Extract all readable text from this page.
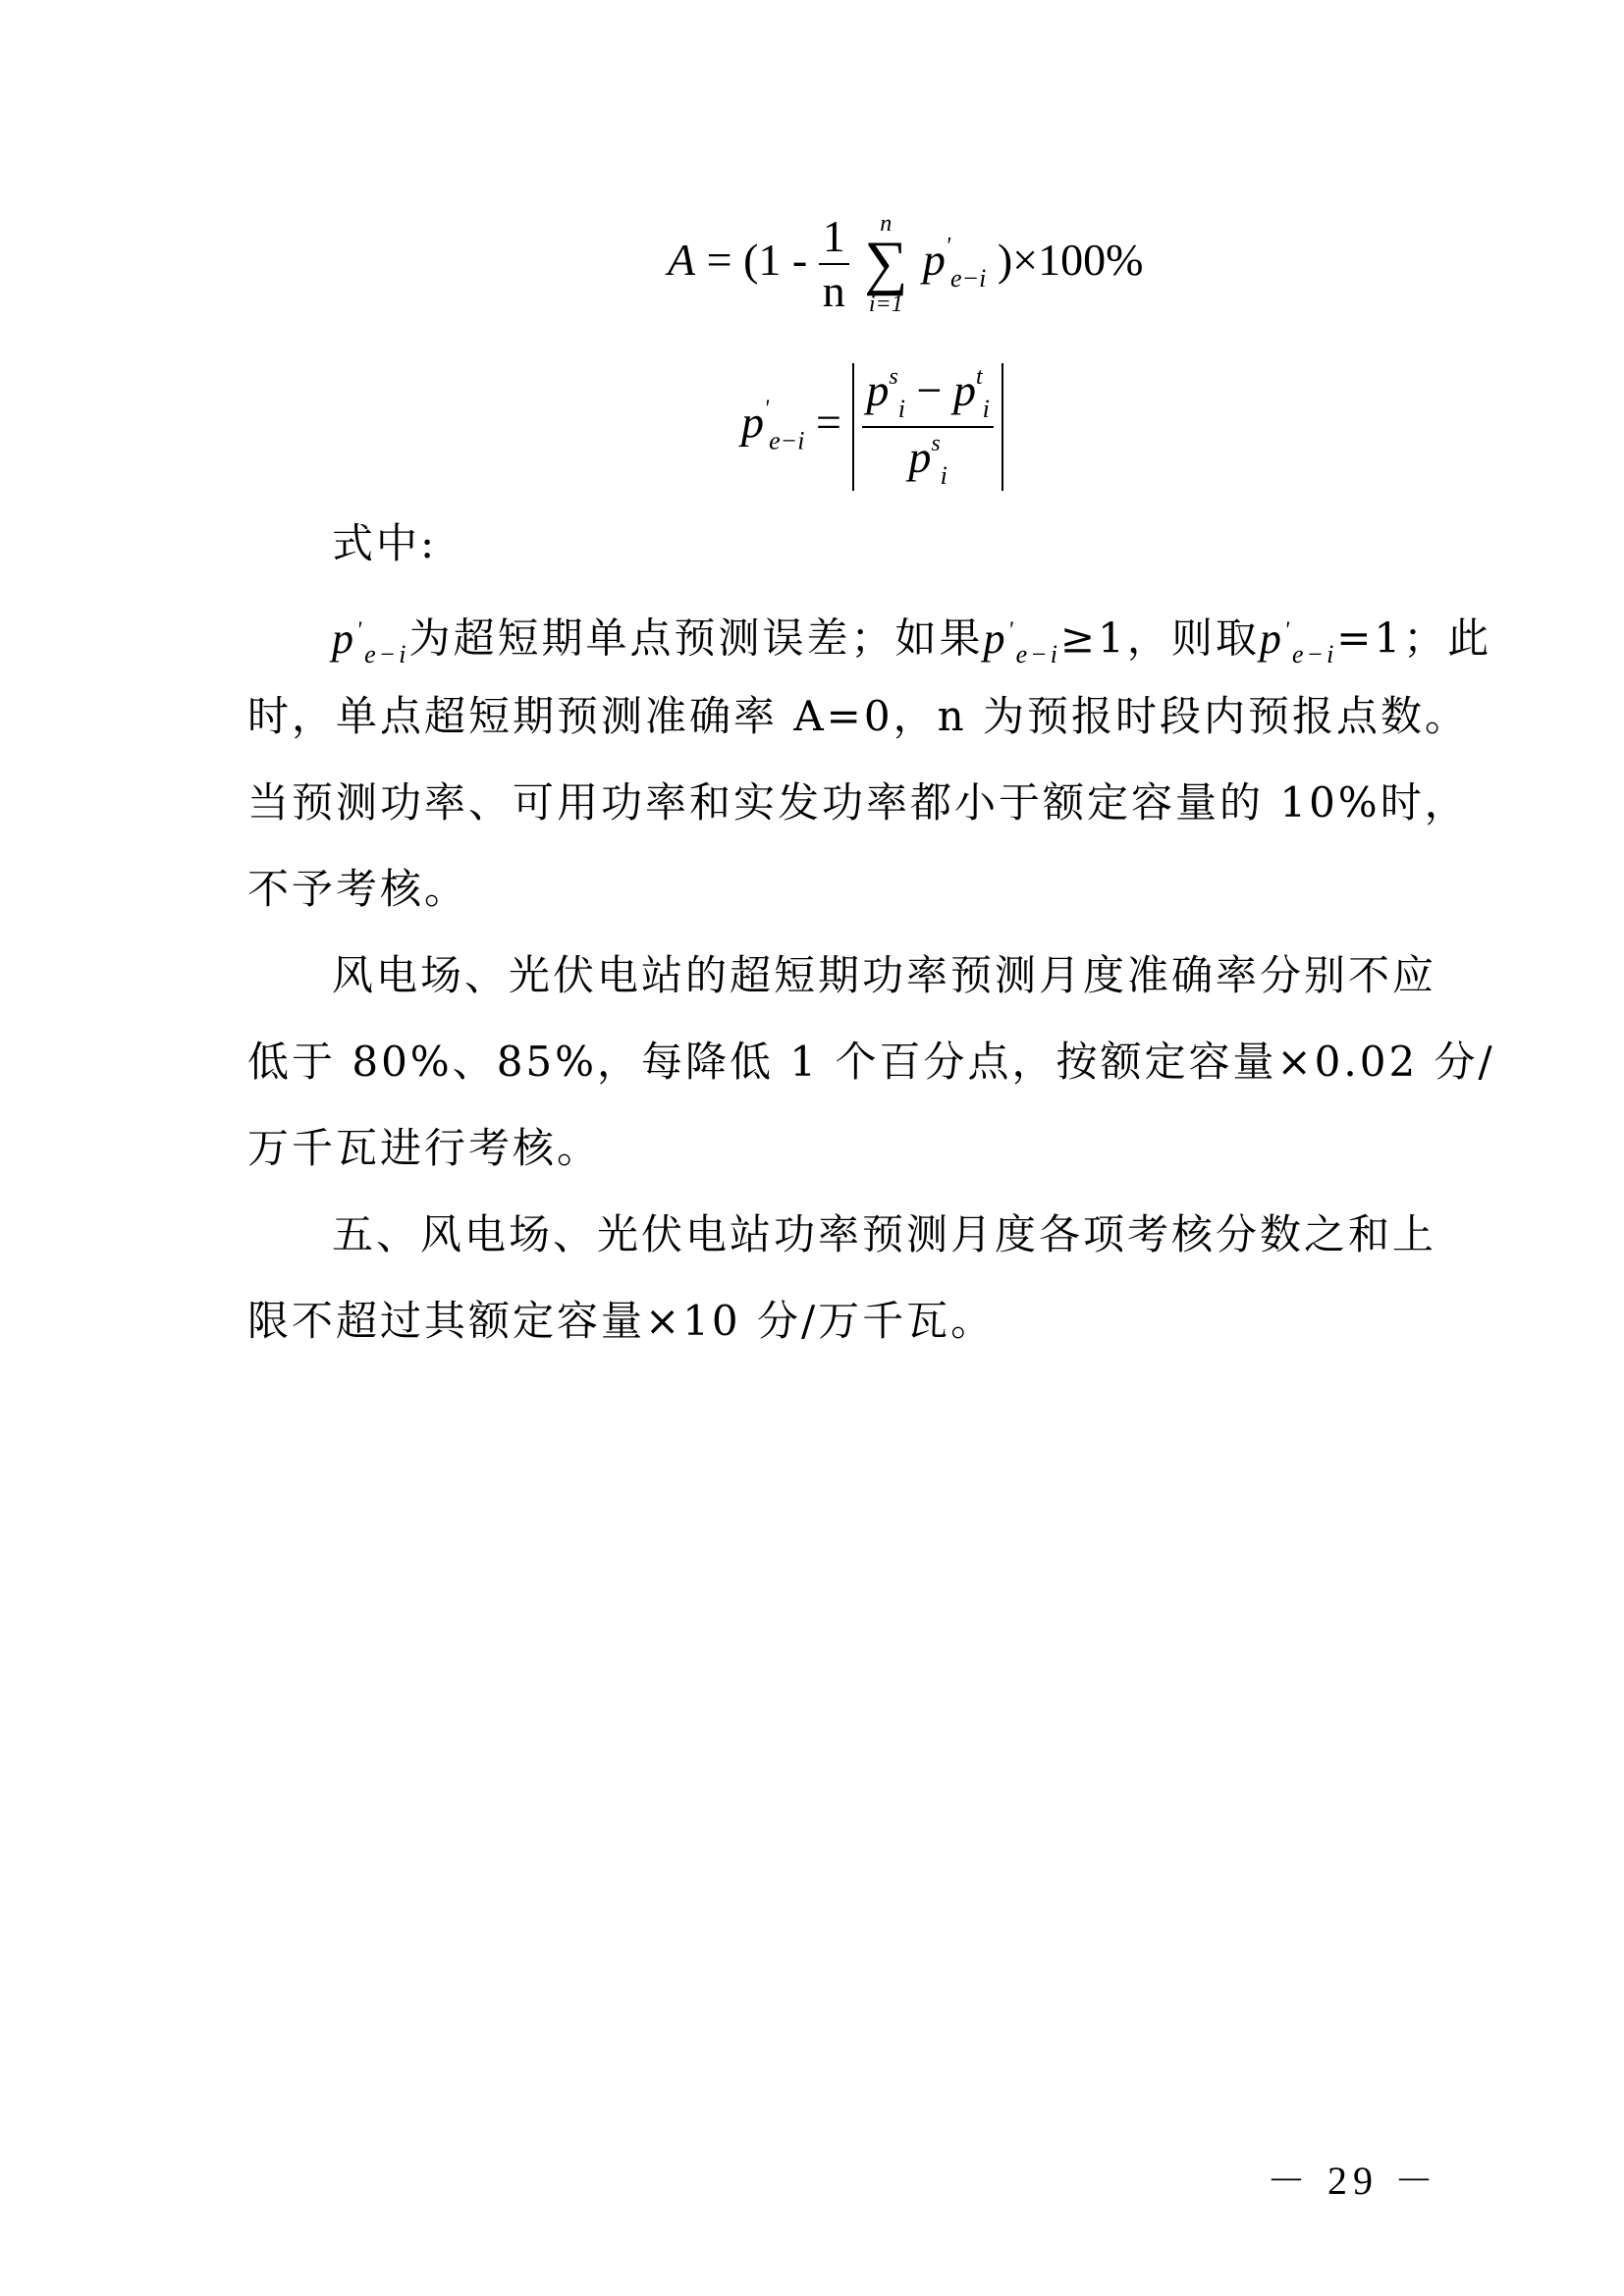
$A = (1 - \frac{1}{n}$
	n
∑
i=1
$p'_{e-i}$ )×100%
$p'_{e-i} = \frac{p^s_i - p^t_i}{p^s_i}$
式中:
$p'_{e-i}$为超短期单点预测误差；如果$p'_{e-i}\ge 1$，则取$p'_{e-i}=1$；此
时，单点超短期预测准确率 A=0，n 为预报时段内预报点数。
当预测功率、可用功率和实发功率都小于额定容量的 10%时，
不予考核。
风电场、光伏电站的超短期功率预测月度准确率分别不应
低于 80%、85%，每降低 1 个百分点，按额定容量×0.02 分/
万千瓦进行考核。
五、风电场、光伏电站功率预测月度各项考核分数之和上
限不超过其额定容量×10 分/万千瓦。
－ 29 －
